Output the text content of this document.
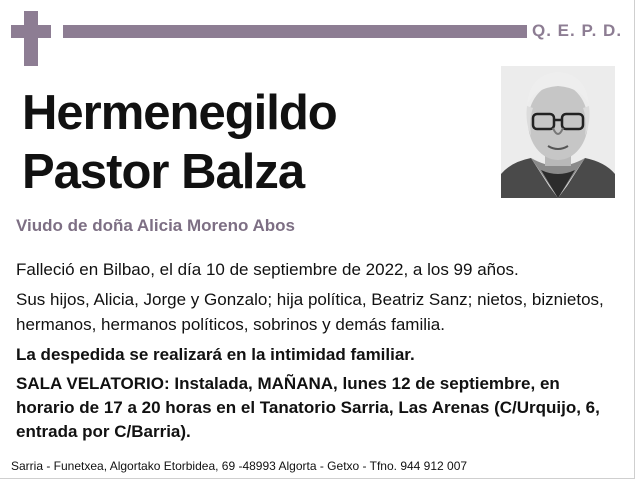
Q. E. P. D.
Hermenegildo
Pastor Balza
Viudo de doña Alicia Moreno Abos
Falleció en Bilbao, el día 10 de septiembre de 2022, a los 99 años.
Sus hijos, Alicia, Jorge y Gonzalo; hija política, Beatriz Sanz; nietos, biznietos, hermanos, hermanos políticos, sobrinos y demás familia.
La despedida se realizará en la intimidad familiar.
SALA VELATORIO: Instalada, MAÑANA, lunes 12 de septiembre, en horario de 17 a 20 horas en el Tanatorio Sarria, Las Arenas (C/Urquijo, 6, entrada por C/Barria).
Sarria - Funetxea, Algortako Etorbidea, 69 -48993 Algorta - Getxo - Tfno. 944 912 007
